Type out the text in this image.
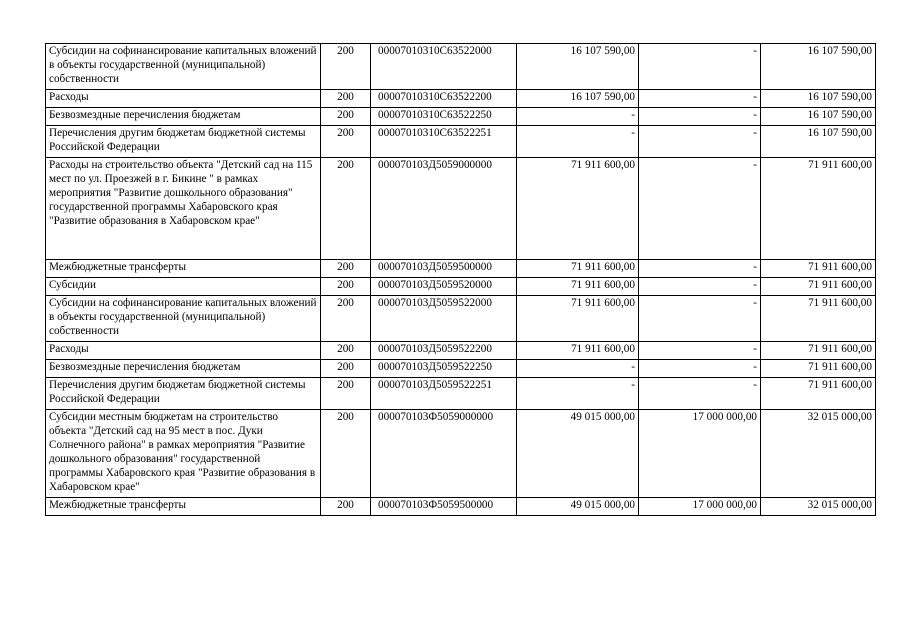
Субсидии на софинансирование капитальных вложений в объекты государственной (муниципальной) собственности	200	00007010310С63522000	16 107 590,00	-	16 107 590,00
Расходы	200	00007010310С63522200	16 107 590,00	-	16 107 590,00
Безвозмездные перечисления бюджетам	200	00007010310С63522250	-	-	16 107 590,00
Перечисления другим бюджетам бюджетной системы Российской Федерации	200	00007010310С63522251	-	-	16 107 590,00
Расходы на строительство объекта "Детский сад на 115 мест по ул. Проезжей в г. Бикине " в рамках мероприятия "Развитие дошкольного образования" государственной программы Хабаровского края "Развитие образования в Хабаровском крае"	200	000070103Д5059000000	71 911 600,00	-	71 911 600,00
Межбюджетные трансферты	200	000070103Д5059500000	71 911 600,00	-	71 911 600,00
Субсидии	200	000070103Д5059520000	71 911 600,00	-	71 911 600,00
Субсидии на софинансирование капитальных вложений в объекты государственной (муниципальной) собственности	200	000070103Д5059522000	71 911 600,00	-	71 911 600,00
Расходы	200	000070103Д5059522200	71 911 600,00	-	71 911 600,00
Безвозмездные перечисления бюджетам	200	000070103Д5059522250	-	-	71 911 600,00
Перечисления другим бюджетам бюджетной системы Российской Федерации	200	000070103Д5059522251	-	-	71 911 600,00
Субсидии местным бюджетам на строительство объекта "Детский сад на 95 мест в пос. Дуки Солнечного района" в рамках мероприятия "Развитие дошкольного образования" государственной программы Хабаровского края "Развитие образования в Хабаровском крае"	200	000070103Ф5059000000	49 015 000,00	17 000 000,00	32 015 000,00
Межбюджетные трансферты	200	000070103Ф5059500000	49 015 000,00	17 000 000,00	32 015 000,00
